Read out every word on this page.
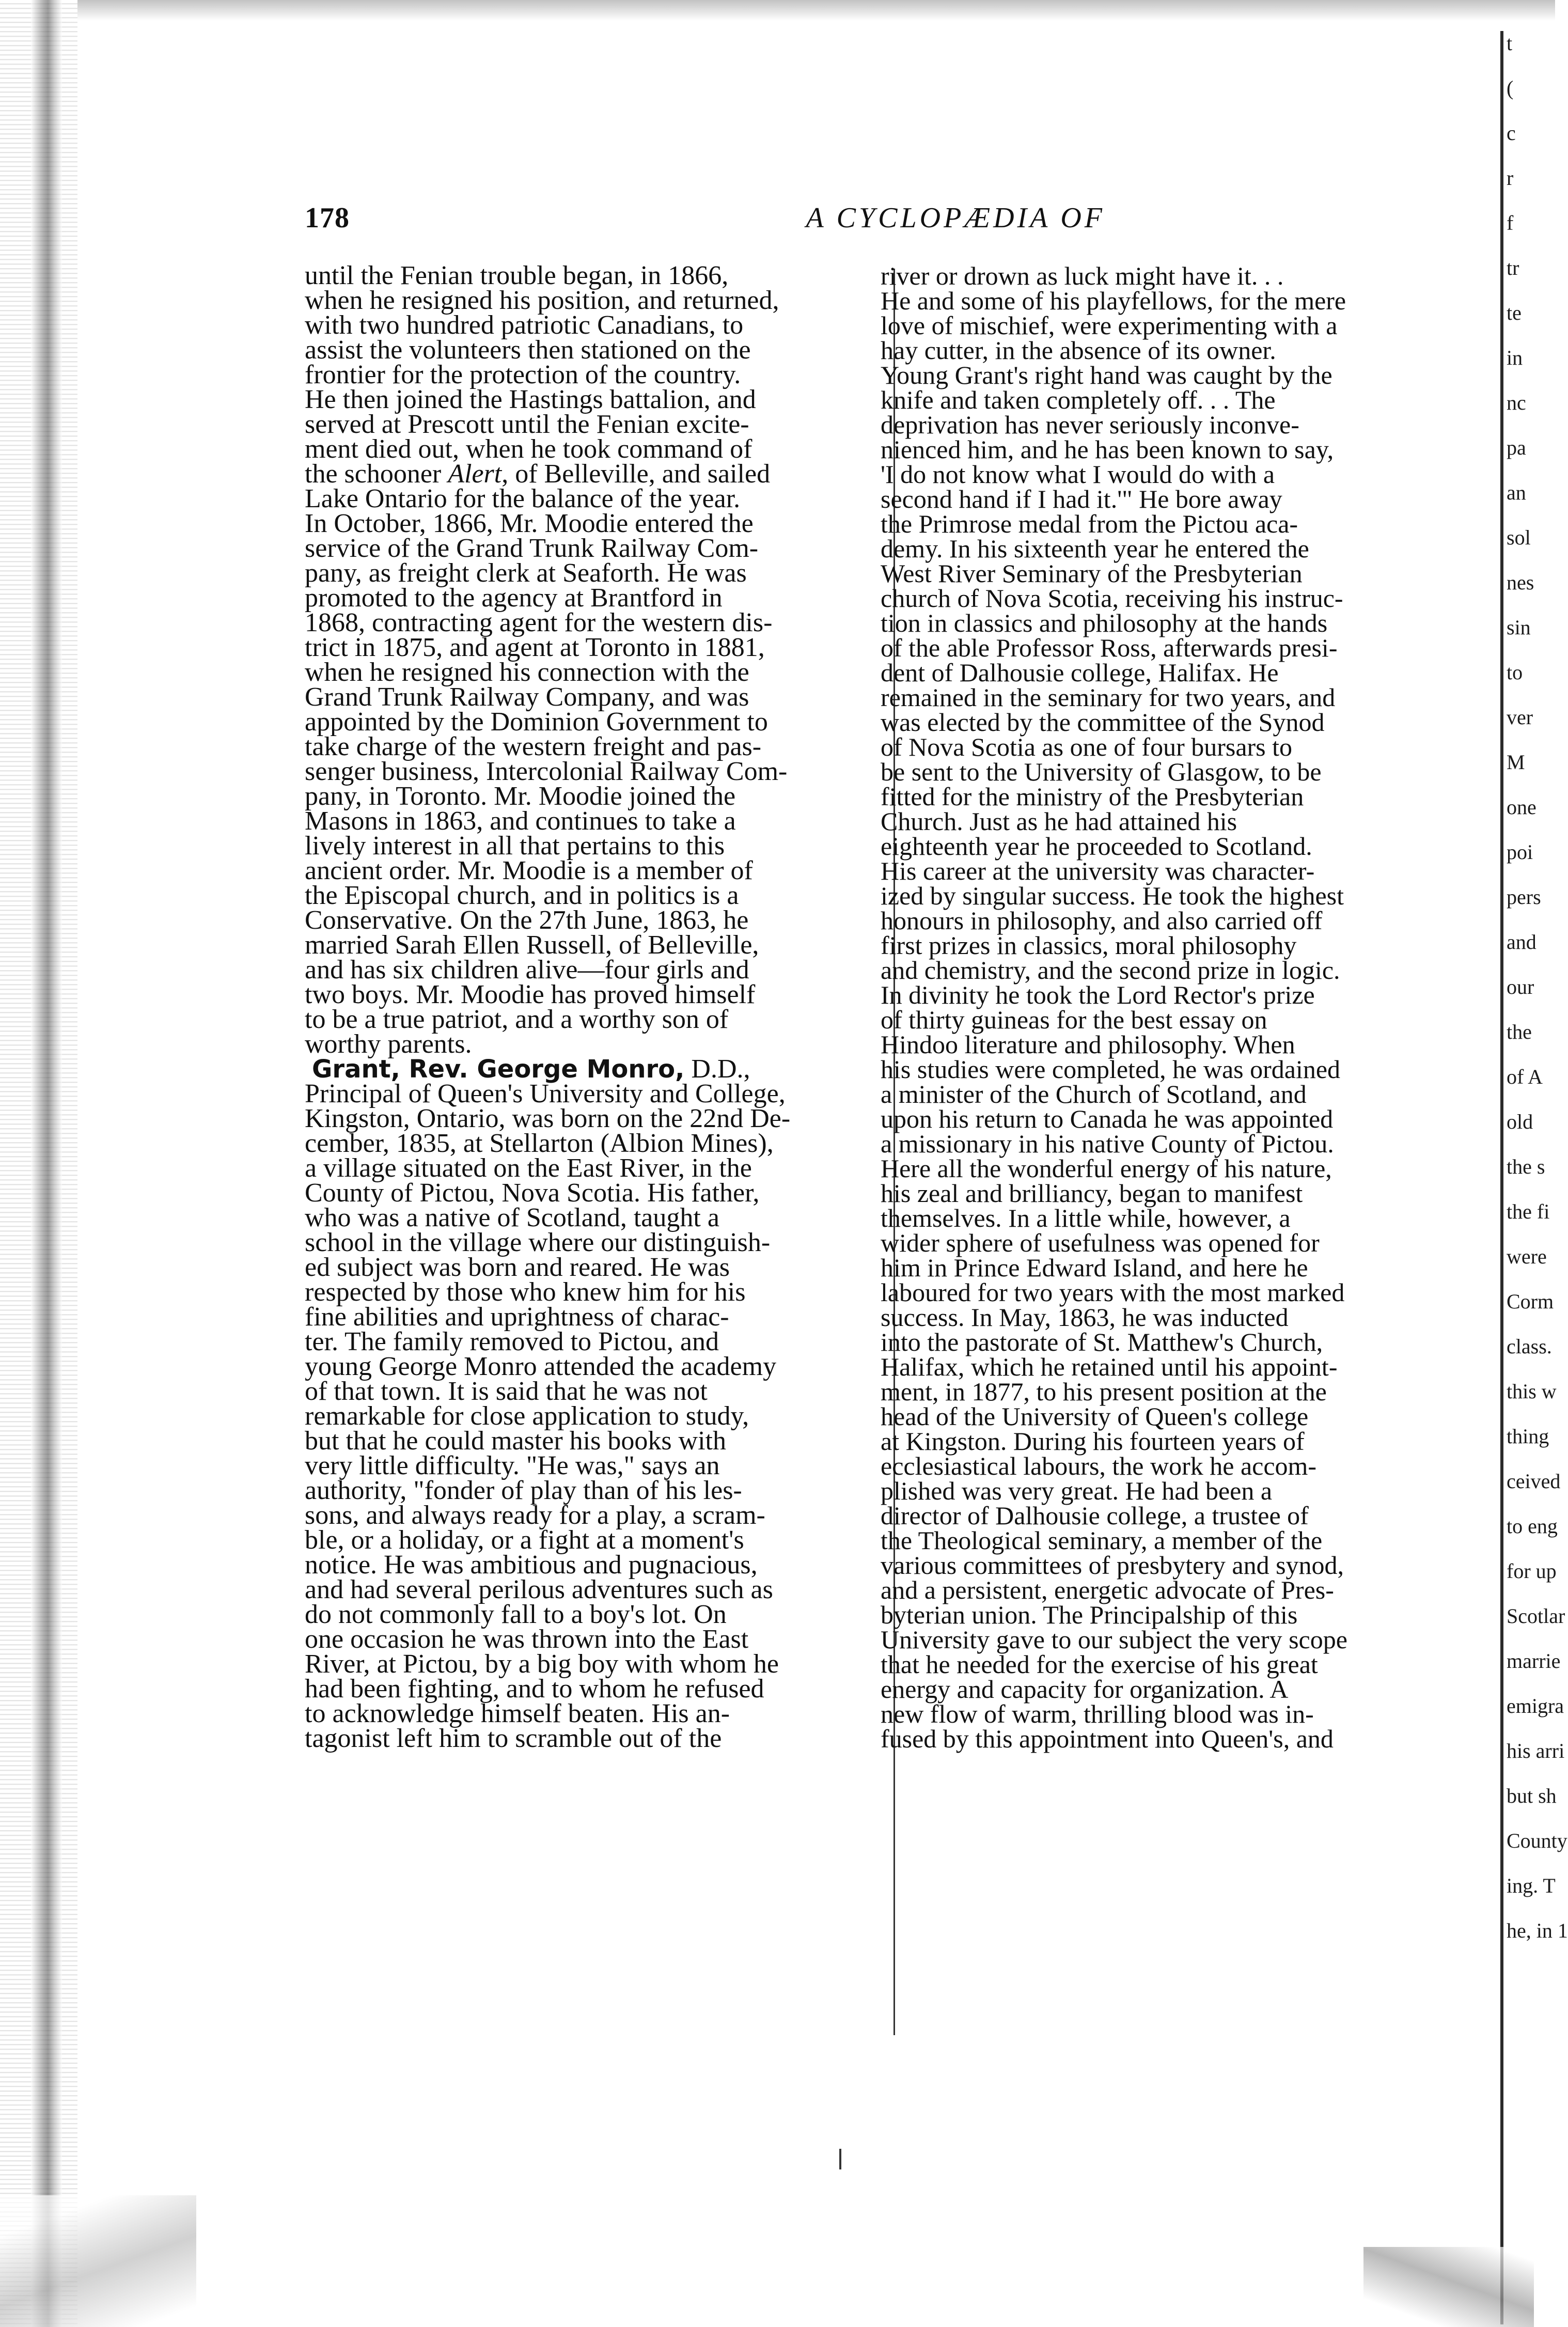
178	A CYCLOPÆDIA OF
until the Fenian trouble began, in 1866,
when he resigned his position, and returned,
with two hundred patriotic Canadians, to
assist the volunteers then stationed on the
frontier for the protection of the country.
He then joined the Hastings battalion, and
served at Prescott until the Fenian excite-
ment died out, when he took command of
the schooner Alert, of Belleville, and sailed
Lake Ontario for the balance of the year.
In October, 1866, Mr. Moodie entered the
service of the Grand Trunk Railway Com-
pany, as freight clerk at Seaforth. He was
promoted to the agency at Brantford in
1868, contracting agent for the western dis-
trict in 1875, and agent at Toronto in 1881,
when he resigned his connection with the
Grand Trunk Railway Company, and was
appointed by the Dominion Government to
take charge of the western freight and pas-
senger business, Intercolonial Railway Com-
pany, in Toronto. Mr. Moodie joined the
Masons in 1863, and continues to take a
lively interest in all that pertains to this
ancient order. Mr. Moodie is a member of
the Episcopal church, and in politics is a
Conservative. On the 27th June, 1863, he
married Sarah Ellen Russell, of Belleville,
and has six children alive—four girls and
two boys. Mr. Moodie has proved himself
to be a true patriot, and a worthy son of
worthy parents.
Grant, Rev. George Monro, D.D.,
Principal of Queen's University and College,
Kingston, Ontario, was born on the 22nd De-
cember, 1835, at Stellarton (Albion Mines),
a village situated on the East River, in the
County of Pictou, Nova Scotia. His father,
who was a native of Scotland, taught a
school in the village where our distinguish-
ed subject was born and reared. He was
respected by those who knew him for his
fine abilities and uprightness of charac-
ter. The family removed to Pictou, and
young George Monro attended the academy
of that town. It is said that he was not
remarkable for close application to study,
but that he could master his books with
very little difficulty. "He was," says an
authority, "fonder of play than of his les-
sons, and always ready for a play, a scram-
ble, or a holiday, or a fight at a moment's
notice. He was ambitious and pugnacious,
and had several perilous adventures such as
do not commonly fall to a boy's lot. On
one occasion he was thrown into the East
River, at Pictou, by a big boy with whom he
had been fighting, and to whom he refused
to acknowledge himself beaten. His an-
tagonist left him to scramble out of the
river or drown as luck might have it. . .
He and some of his playfellows, for the mere
love of mischief, were experimenting with a
hay cutter, in the absence of its owner.
Young Grant's right hand was caught by the
knife and taken completely off. . . The
deprivation has never seriously inconve-
nienced him, and he has been known to say,
'I do not know what I would do with a
second hand if I had it.'" He bore away
the Primrose medal from the Pictou aca-
demy. In his sixteenth year he entered the
West River Seminary of the Presbyterian
church of Nova Scotia, receiving his instruc-
tion in classics and philosophy at the hands
of the able Professor Ross, afterwards presi-
dent of Dalhousie college, Halifax. He
remained in the seminary for two years, and
was elected by the committee of the Synod
of Nova Scotia as one of four bursars to
be sent to the University of Glasgow, to be
fitted for the ministry of the Presbyterian
Church. Just as he had attained his
eighteenth year he proceeded to Scotland.
His career at the university was character-
ized by singular success. He took the highest
honours in philosophy, and also carried off
first prizes in classics, moral philosophy
and chemistry, and the second prize in logic.
In divinity he took the Lord Rector's prize
of thirty guineas for the best essay on
Hindoo literature and philosophy. When
his studies were completed, he was ordained
a minister of the Church of Scotland, and
upon his return to Canada he was appointed
a missionary in his native County of Pictou.
Here all the wonderful energy of his nature,
his zeal and brilliancy, began to manifest
themselves. In a little while, however, a
wider sphere of usefulness was opened for
him in Prince Edward Island, and here he
laboured for two years with the most marked
success. In May, 1863, he was inducted
into the pastorate of St. Matthew's Church,
Halifax, which he retained until his appoint-
ment, in 1877, to his present position at the
head of the University of Queen's college
at Kingston. During his fourteen years of
ecclesiastical labours, the work he accom-
plished was very great. He had been a
director of Dalhousie college, a trustee of
the Theological seminary, a member of the
various committees of presbytery and synod,
and a persistent, energetic advocate of Pres-
byterian union. The Principalship of this
University gave to our subject the very scope
that he needed for the exercise of his great
energy and capacity for organization. A
new flow of warm, thrilling blood was in-
fused by this appointment into Queen's, and
t
(
c
r
f
tr
te
in
nc
pa
an
sol
nes
sin
to
ver
M
one
poi
pers
and
our
the
of A
old
the s
the fi
were
Corm
class.
this w
thing
ceived
to eng
for up
Scotlar
marrie
emigra
his arri
but sh
County
ing. T
he, in 1
